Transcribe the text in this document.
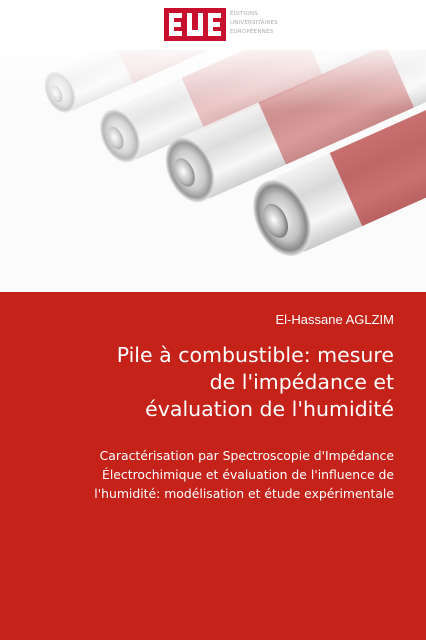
ÉDITIONS
UNIVERSITAIRES
EUROPÉENNES
El-Hassane AGLZIM
Pile à combustible: mesure
de l'impédance et
évaluation de l'humidité
Caractérisation par Spectroscopie d'Impédance
Électrochimique et évaluation de l'influence de
l'humidité: modélisation et étude expérimentale
